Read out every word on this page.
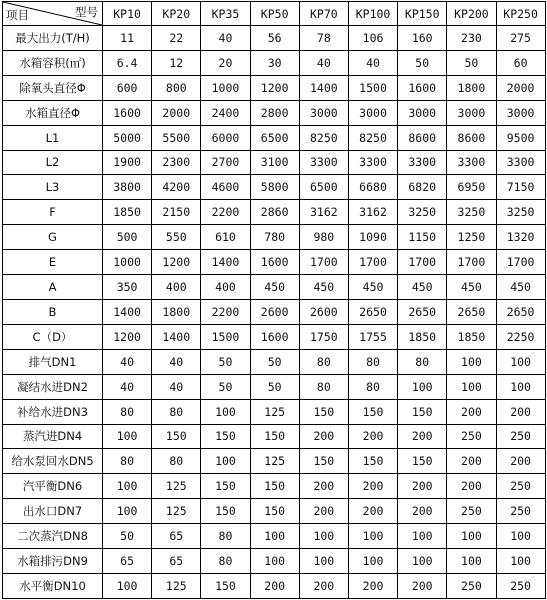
项目 型号	KP10	KP20	KP35	KP50	KP70	KP100	KP150	KP200	KP250
最大出力(T/H)	11	22	40	56	78	106	160	230	275
水箱容积(㎡)	6.4	12	20	30	40	40	50	50	60
除氧头直径Φ	600	800	1000	1200	1400	1500	1600	1800	2000
水箱直径Φ	1600	2000	2400	2800	3000	3000	3000	3000	3000
L1	5000	5500	6000	6500	8250	8250	8600	8600	9500
L2	1900	2300	2700	3100	3300	3300	3300	3300	3300
L3	3800	4200	4600	5800	6500	6680	6820	6950	7150
F	1850	2150	2200	2860	3162	3162	3250	3250	3250
G	500	550	610	780	980	1090	1150	1250	1320
E	1000	1200	1400	1600	1700	1700	1700	1700	1700
A	350	400	400	450	450	450	450	450	450
B	1400	1800	2200	2600	2600	2650	2650	2650	2650
C（D）	1200	1400	1500	1600	1750	1755	1850	1850	2250
排气DN1	40	40	50	50	80	80	80	100	100
凝结水进DN2	40	40	50	50	80	80	100	100	100
补给水进DN3	80	80	100	125	150	150	150	200	200
蒸汽进DN4	100	150	150	150	200	200	200	250	250
给水泵回水DN5	80	80	100	125	150	150	150	200	200
汽平衡DN6	100	125	150	150	200	200	200	200	250
出水口DN7	100	125	150	150	200	200	200	250	250
二次蒸汽DN8	50	65	80	100	100	100	100	100	100
水箱排污DN9	65	65	80	100	100	100	100	100	100
水平衡DN10	100	125	150	200	200	200	200	250	250
